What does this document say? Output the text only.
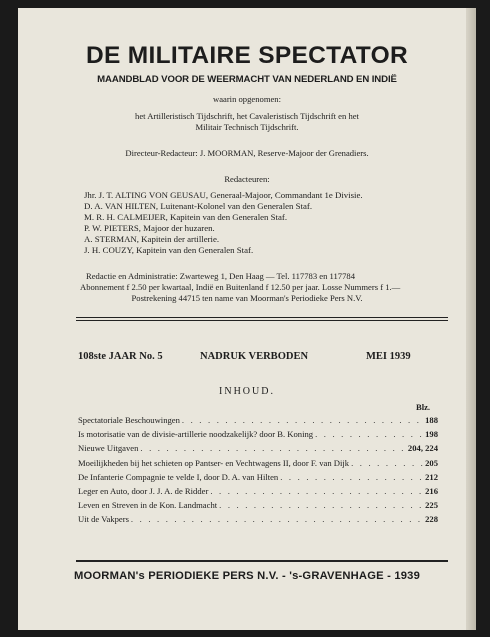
DE MILITAIRE SPECTATOR
MAANDBLAD VOOR DE WEERMACHT VAN NEDERLAND EN INDIË
waarin opgenomen:
het Artilleristisch Tijdschrift, het Cavaleristisch Tijdschrift en het
Militair Technisch Tijdschrift.
Directeur-Redacteur: J. MOORMAN, Reserve-Majoor der Grenadiers.
Redacteuren:
Jhr. J. T. ALTING VON GEUSAU, Generaal-Majoor, Commandant 1e Divisie.
D. A. VAN HILTEN, Luitenant-Kolonel van den Generalen Staf.
M. R. H. CALMEIJER, Kapitein van den Generalen Staf.
P. W. PIETERS, Majoor der huzaren.
A. STERMAN, Kapitein der artillerie.
J. H. COUZY, Kapitein van den Generalen Staf.
Redactie en Administratie: Zwarteweg 1, Den Haag — Tel. 117783 en 117784
Abonnement f 2.50 per kwartaal, Indië en Buitenland f 12.50 per jaar. Losse Nummers f 1.—
Postrekening 44715 ten name van Moorman's Periodieke Pers N.V.
108ste JAAR No. 5	NADRUK VERBODEN	MEI 1939
INHOUD.
Blz.
Spectatoriale Beschouwingen . . .	188
Is motorisatie van de divisie-artillerie noodzakelijk? door B. Koning . . .	198
Nieuwe Uitgaven . . .	204, 224
Moeilijkheden bij het schieten op Pantser- en Vechtwagens II, door F. van Dijk . . .	205
De Infanterie Compagnie te velde I, door D. A. van Hilten . . .	212
Leger en Auto, door J. J. A. de Ridder . . .	216
Leven en Streven in de Kon. Landmacht . . .	225
Uit de Vakpers . . .	228
MOORMAN's PERIODIEKE PERS N.V. - 's-GRAVENHAGE - 1939
